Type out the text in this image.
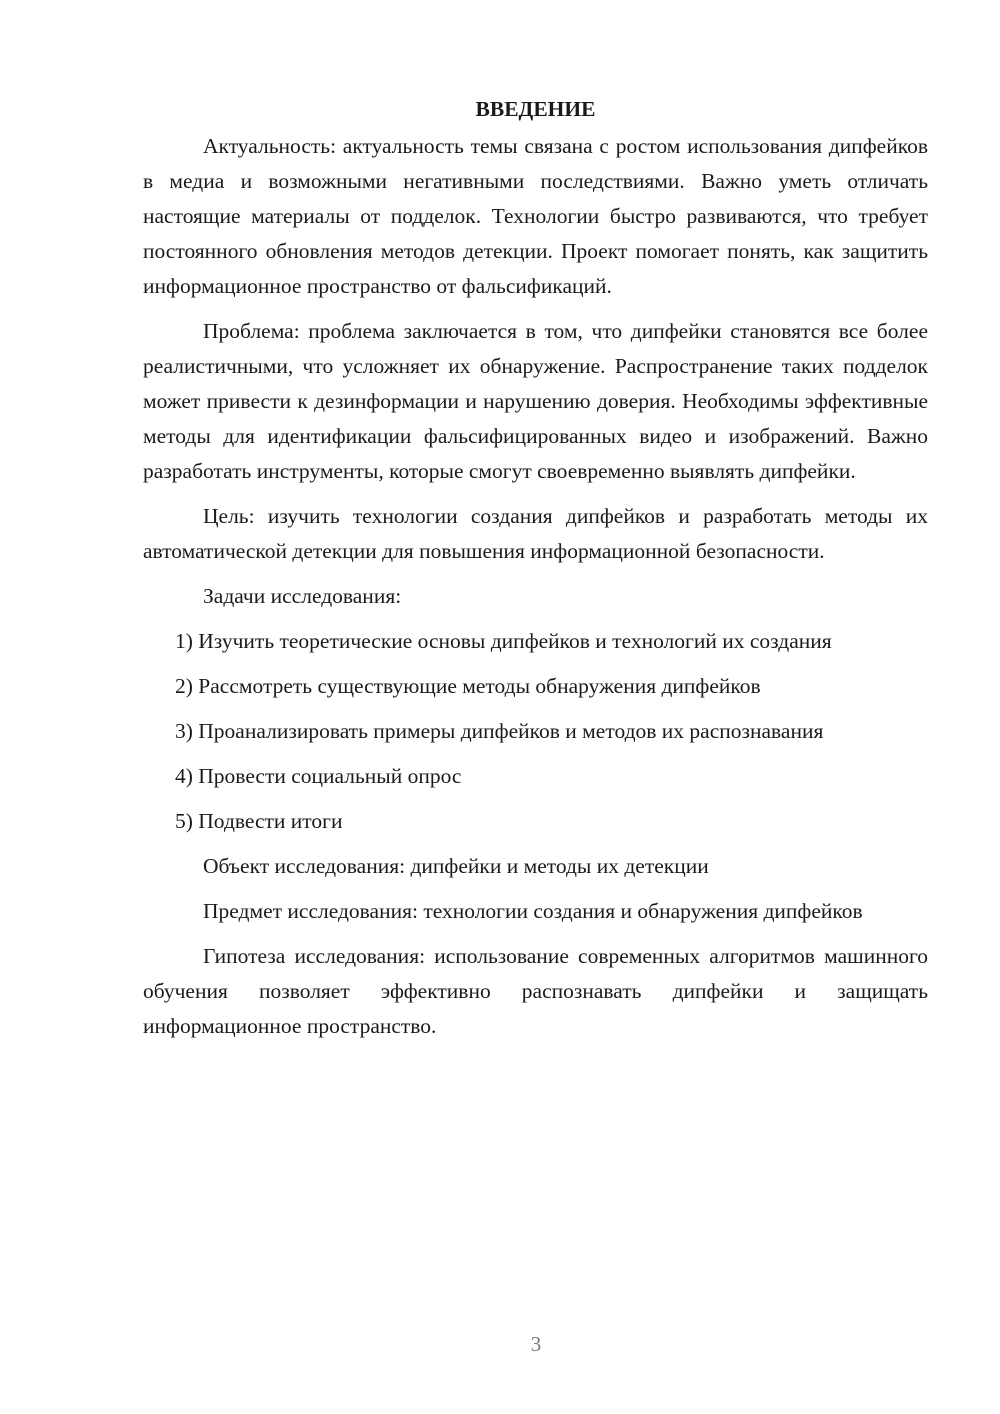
ВВЕДЕНИЕ

Актуальность: актуальность темы связана с ростом использования дипфейков в медиа и возможными негативными последствиями. Важно уметь отличать настоящие материалы от подделок. Технологии быстро развиваются, что требует постоянного обновления методов детекции. Проект помогает понять, как защитить информационное пространство от фальсификаций.

Проблема: проблема заключается в том, что дипфейки становятся все более реалистичными, что усложняет их обнаружение. Распространение таких подделок может привести к дезинформации и нарушению доверия. Необходимы эффективные методы для идентификации фальсифицированных видео и изображений. Важно разработать инструменты, которые смогут своевременно выявлять дипфейки.

Цель: изучить технологии создания дипфейков и разработать методы их автоматической детекции для повышения информационной безопасности.

Задачи исследования:

1) Изучить теоретические основы дипфейков и технологий их создания

2) Рассмотреть существующие методы обнаружения дипфейков

3) Проанализировать примеры дипфейков и методов их распознавания

4) Провести социальный опрос

5) Подвести итоги

Объект исследования: дипфейки и методы их детекции

Предмет исследования: технологии создания и обнаружения дипфейков

Гипотеза исследования: использование современных алгоритмов машинного обучения позволяет эффективно распознавать дипфейки и защищать информационное пространство.

3
